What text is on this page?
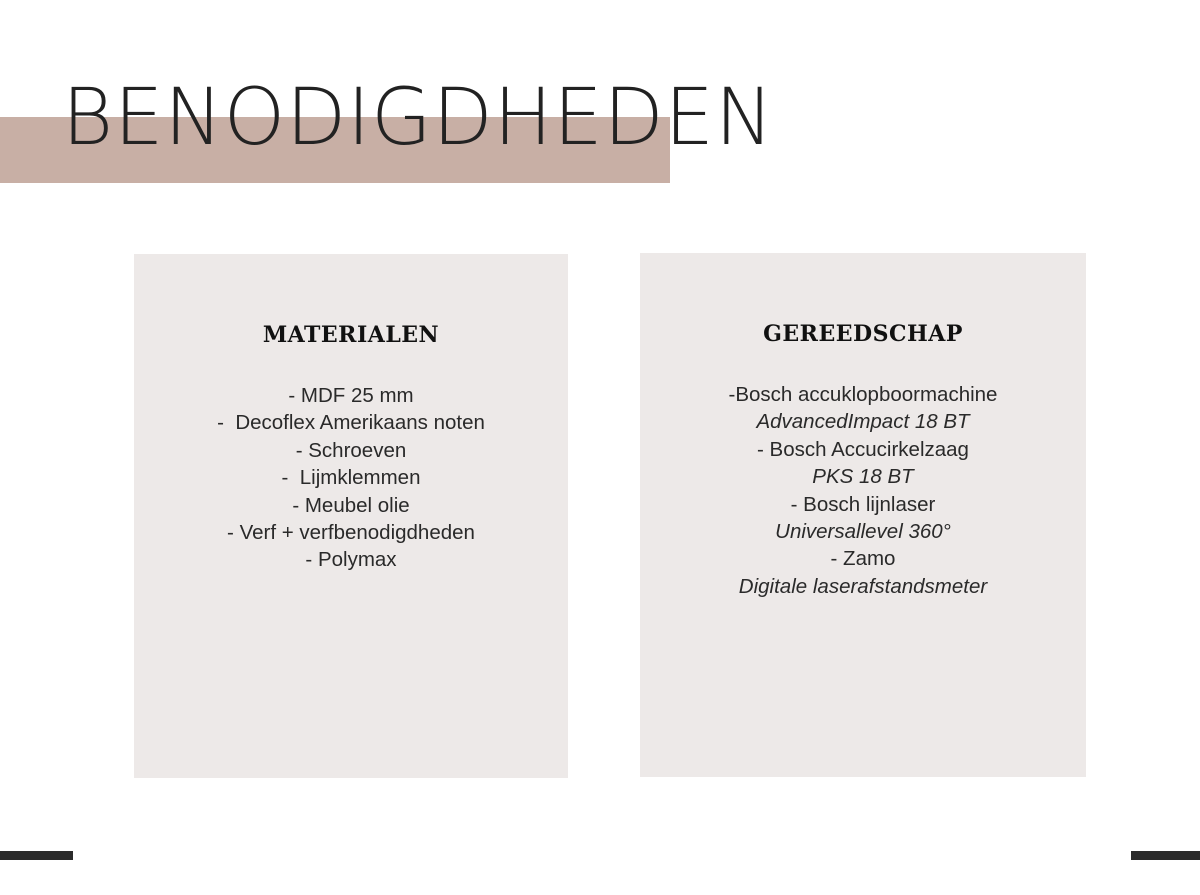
BENODIGDHEDEN
MATERIALEN
- MDF 25 mm
-  Decoflex Amerikaans noten
- Schroeven
-  Lijmklemmen
- Meubel olie
- Verf + verfbenodigdheden
- Polymax
GEREEDSCHAP
-Bosch accuklopboormachine
AdvancedImpact 18 BT
- Bosch Accucirkelzaag
PKS 18 BT
- Bosch lijnlaser
Universallevel 360°
- Zamo
Digitale laserafstandsmeter
